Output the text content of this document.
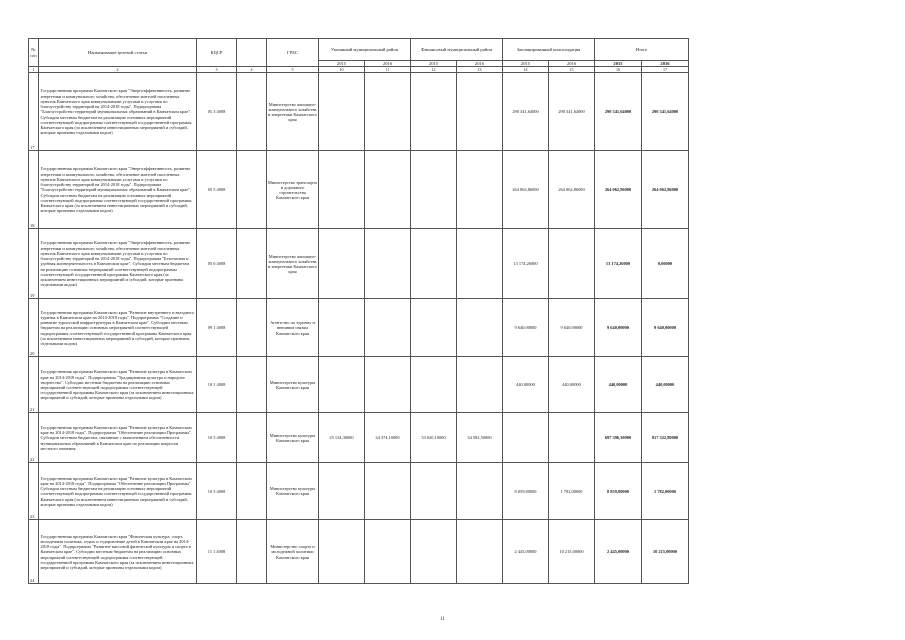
№ п/п	Наименование целевой статьи	КЦСР		ГРБС	Указанный муниципальный район		Финансовый муниципальный район		Запланированный консолидация		Итого	
					2015	2016	2015	2016	2015	2016	2015	2016
1	2	3	4	5	10	11	12	13	14	15	16	17
17	Государственная программа Камчатского края "Энергоэффективность, развитие энергетики и коммунального хозяйства, обеспечение жителей населенных пунктов Камчатского края коммунальными услугами и услугами по благоустройству территорий на 2014-2018 годы". Подпрограмма "Благоустройство территорий муниципальных образований в Камчатском крае". Субсидии местным бюджетам на реализацию основных мероприятий соответствующей подпрограммы соответствующей государственной программы Камчатского края (за исключением инвестиционных мероприятий и субсидий, которые признаны отдельными кодом)	05 3 4008		Министерство жилищно-коммунального хозяйства и энергетики Камчатского края					290 341,64000	290 341,64000	290 341,64000	290 341,64000
18	Государственная программа Камчатского края "Энергоэффективность, развитие энергетики и коммунального хозяйства, обеспечение жителей населенных пунктов Камчатского края коммунальными услугами и услугами по благоустройству территорий на 2014-2018 годы". Подпрограмма "Благоустройство территорий муниципальных образований в Камчатском крае". Субсидии местным бюджетам на реализацию основных мероприятий соответствующей подпрограммы соответствующей государственной программы Камчатского края (за исключением инвестиционных мероприятий и субсидий, которые признаны отдельными кодом)	05 5 4008		Министерство транспорта и дорожного строительства Камчатского края					264 062,86000	264 062,86000	264 062,86000	264 062,86000
19	Государственная программа Камчатского края "Энергоэффективность, развитие энергетики и коммунального хозяйства, обеспечение жителей населенных пунктов Камчатского края коммунальными услугами и услугами по благоустройству территорий на 2014-2018 годы". Подпрограмма "Безопасная и удобная жизнедеятельность в Камчатском крае". Субсидии местным бюджетам на реализацию основных мероприятий соответствующей подпрограммы соответствующей государственной программы Камчатского края (за исключением инвестиционных мероприятий и субсидий, которые признаны отдельными кодом)	05 6 4008		Министерство жилищно-коммунального хозяйства и энергетики Камчатского края					13 174,26000		13 174,26000	0,00000
20	Государственная программа Камчатского края "Развитие внутреннего и въездного туризма в Камчатском крае на 2014-2018 годы". Подпрограмма "Создание и развитие туристской инфраструктуры в Камчатском крае". Субсидии местным бюджетам на реализацию основных мероприятий соответствующей подпрограммы соответствующей государственной программы Камчатского края (за исключением инвестиционных мероприятий и субсидий, которые признаны отдельными кодом)	09 1 4008		Агентство по туризму и внешним связям Камчатского края					9 640,00000	9 640,00000	9 640,00000	9 640,00000
21	Государственная программа Камчатского края "Развитие культуры в Камчатском крае на 2014-2018 годы". Подпрограмма "Традиционная культура и народное творчество". Субсидии местным бюджетам на реализацию основных мероприятий соответствующей подпрограммы соответствующей государственной программы Камчатского края (за исключением инвестиционных мероприятий и субсидий, которые признаны отдельными кодом)	10 1 4008		Министерство культуры Камчатского края					440,00000	440,00000	440,00000	440,00000
22	Государственная программа Камчатского края "Развитие культуры в Камчатском крае на 2014-2018 годы". Подпрограмма "Обеспечение реализации Программы". Субсидии местным бюджетам, связанные с выполнением обеспеченности муниципальных образований в Камчатском крае по реализации вопросов местного значения	10 5 4008		Министерство культуры Камчатского края	25 134,30000	34 374,10000	33 620,10000	34 582,50000			697 396,30000	817 322,80000
23	Государственная программа Камчатского края "Развитие культуры в Камчатском крае на 2014-2018 годы". Подпрограмма "Обеспечение реализации Программы". Субсидии местным бюджетам на реализацию основных мероприятий соответствующей подпрограммы соответствующей государственной программы Камчатского края (за исключением инвестиционных мероприятий и субсидий, которые признаны отдельными кодом)	10 5 4008		Министерство культуры Камчатского края					8 859,80000	1 782,00000	8 859,80000	1 782,00000
24	Государственная программа Камчатского края "Физическая культура, спорт, молодежная политика, отдых и оздоровление детей в Камчатском крае на 2014-2018 годы". Подпрограмма "Развитие массовой физической культуры и спорта в Камчатском крае". Субсидии местным бюджетам на реализацию основных мероприятий соответствующей подпрограммы соответствующей государственной программы Камчатского края (за исключением инвестиционных мероприятий и субсидий, которые признаны отдельными кодом)	11 1 4008		Министерство спорта и молодежной политики Камчатского края					2 445,00000	10 215,00000	2 445,00000	10 215,00000
11
